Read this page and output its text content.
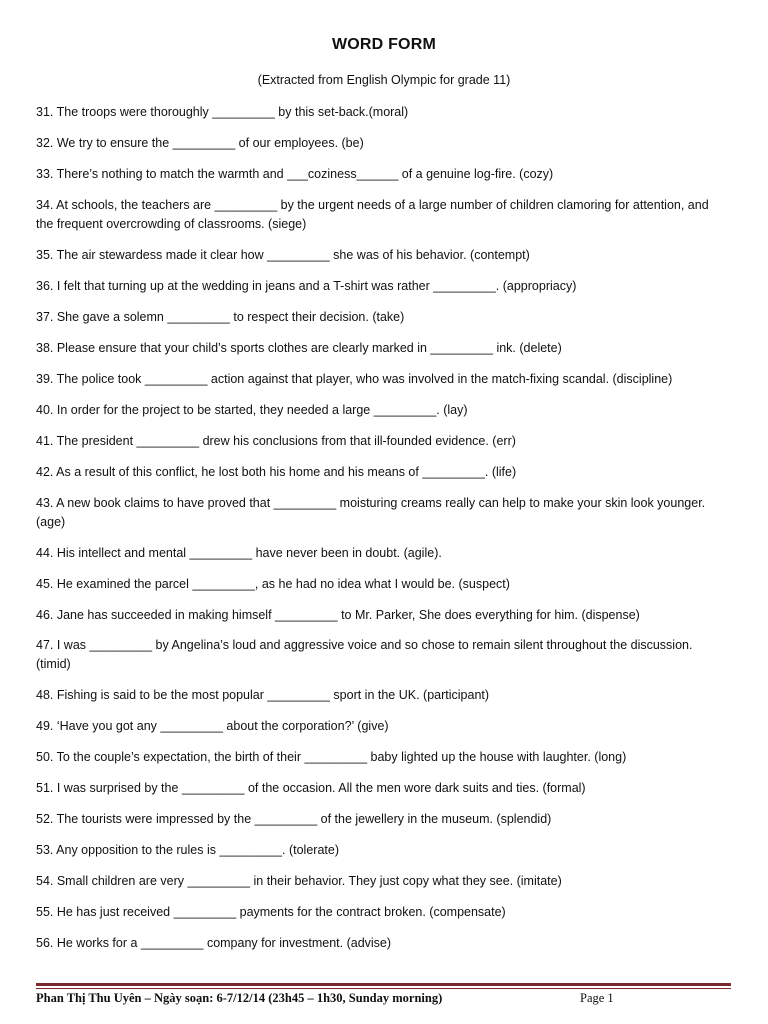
WORD FORM
(Extracted from English Olympic for grade 11)
31. The troops were thoroughly _________ by this set-back.(moral)
32. We try to ensure the _________ of our employees. (be)
33. There’s nothing to match the warmth and ___coziness______ of a genuine log-fire. (cozy)
34. At schools, the teachers are _________ by the urgent needs of a large number of children clamoring for attention, and the frequent overcrowding of classrooms. (siege)
35. The air stewardess made it clear how _________ she was of his behavior. (contempt)
36. I felt that turning up at the wedding in jeans and a T-shirt was rather _________. (appropriacy)
37. She gave a solemn _________ to respect their decision. (take)
38. Please ensure that your child’s sports clothes are clearly marked in _________ ink. (delete)
39. The police took _________ action against that player, who was involved in the match-fixing scandal. (discipline)
40. In order for the project to be started, they needed a large _________. (lay)
41. The president _________ drew his conclusions from that ill-founded evidence. (err)
42. As a result of this conflict, he lost both his home and his means of _________. (life)
43. A new book claims to have proved that _________ moisturing creams really can help to make your skin look younger. (age)
44. His intellect and mental _________ have never been in doubt. (agile).
45. He examined the parcel _________, as he had no idea what I would be. (suspect)
46. Jane has succeeded in making himself _________ to Mr. Parker, She does everything for him. (dispense)
47. I was _________ by Angelina’s loud and aggressive voice and so chose to remain silent throughout the discussion. (timid)
48. Fishing is said to be the most popular _________ sport in the UK. (participant)
49. ‘Have you got any _________ about the corporation?’ (give)
50. To the couple’s expectation, the birth of their _________ baby lighted up the house with laughter. (long)
51. I was surprised by the _________ of the occasion. All the men wore dark suits and ties. (formal)
52. The tourists were impressed by the _________ of the jewellery in the museum. (splendid)
53. Any opposition to the rules is _________. (tolerate)
54. Small children are very _________ in their behavior. They just copy what they see. (imitate)
55. He has just received _________ payments for the contract broken. (compensate)
56. He works for a _________ company for investment. (advise)
Phan Thị Thu Uyên – Ngày soạn: 6-7/12/14 (23h45 – 1h30, Sunday morning)	Page 1
